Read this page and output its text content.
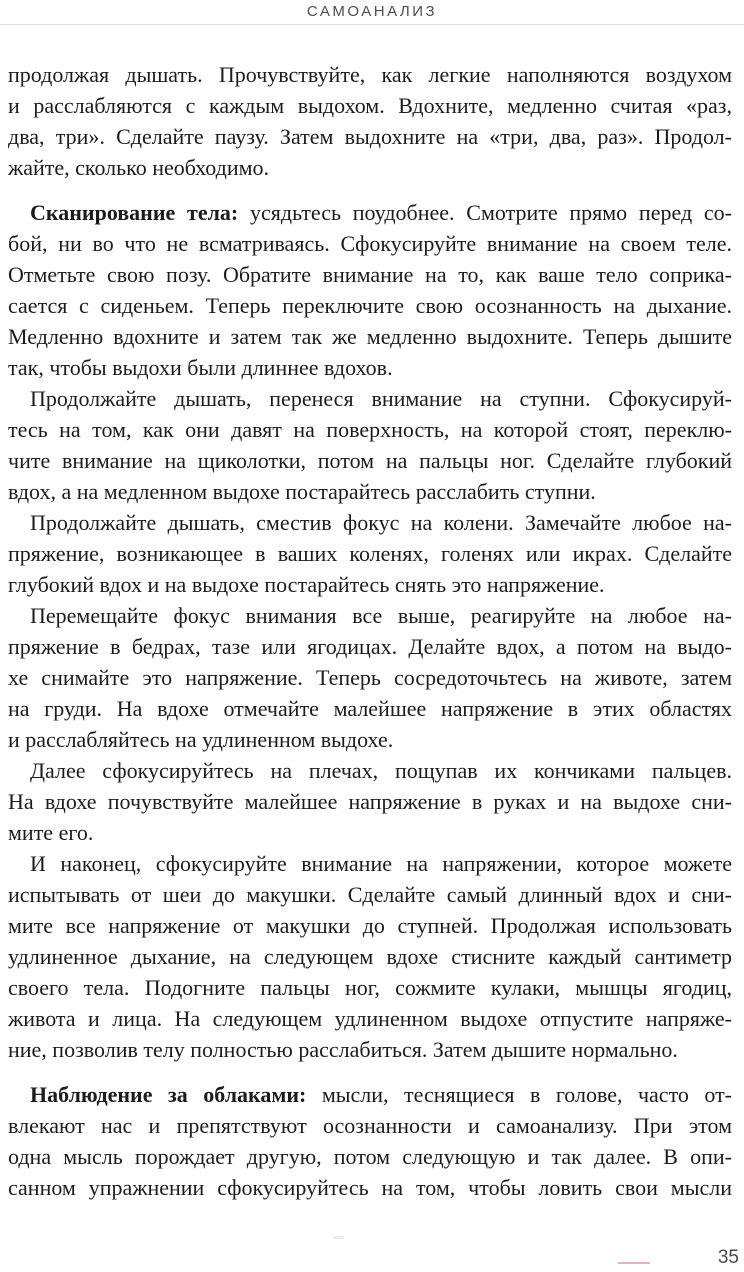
САМОАНАЛИЗ

продолжая дышать. Прочувствуйте, как легкие наполняются воздухом
и расслабляются с каждым выдохом. Вдохните, медленно считая «раз,
два, три». Сделайте паузу. Затем выдохните на «три, два, раз». Продол-
жайте, сколько необходимо.

Сканирование тела: усядьтесь поудобнее. Смотрите прямо перед со-
бой, ни во что не всматриваясь. Сфокусируйте внимание на своем теле.
Отметьте свою позу. Обратите внимание на то, как ваше тело соприка-
сается с сиденьем. Теперь переключите свою осознанность на дыхание.
Медленно вдохните и затем так же медленно выдохните. Теперь дышите
так, чтобы выдохи были длиннее вдохов.

Продолжайте дышать, перенеся внимание на ступни. Сфокусируй-
тесь на том, как они давят на поверхность, на которой стоят, переклю-
чите внимание на щиколотки, потом на пальцы ног. Сделайте глубокий
вдох, а на медленном выдохе постарайтесь расслабить ступни.

Продолжайте дышать, сместив фокус на колени. Замечайте любое на-
пряжение, возникающее в ваших коленях, голенях или икрах. Сделайте
глубокий вдох и на выдохе постарайтесь снять это напряжение.

Перемещайте фокус внимания все выше, реагируйте на любое на-
пряжение в бедрах, тазе или ягодицах. Делайте вдох, а потом на выдо-
хе снимайте это напряжение. Теперь сосредоточьтесь на животе, затем
на груди. На вдохе отмечайте малейшее напряжение в этих областях
и расслабляйтесь на удлиненном выдохе.

Далее сфокусируйтесь на плечах, пощупав их кончиками пальцев.
На вдохе почувствуйте малейшее напряжение в руках и на выдохе сни-
мите его.

И наконец, сфокусируйте внимание на напряжении, которое можете
испытывать от шеи до макушки. Сделайте самый длинный вдох и сни-
мите все напряжение от макушки до ступней. Продолжая использовать
удлиненное дыхание, на следующем вдохе стисните каждый сантиметр
своего тела. Подогните пальцы ног, сожмите кулаки, мышцы ягодиц,
живота и лица. На следующем удлиненном выдохе отпустите напряже-
ние, позволив телу полностью расслабиться. Затем дышите нормально.

Наблюдение за облаками: мысли, теснящиеся в голове, часто от-
влекают нас и препятствуют осознанности и самоанализу. При этом
одна мысль порождает другую, потом следующую и так далее. В опи-
санном упражнении сфокусируйтесь на том, чтобы ловить свои мысли

35
